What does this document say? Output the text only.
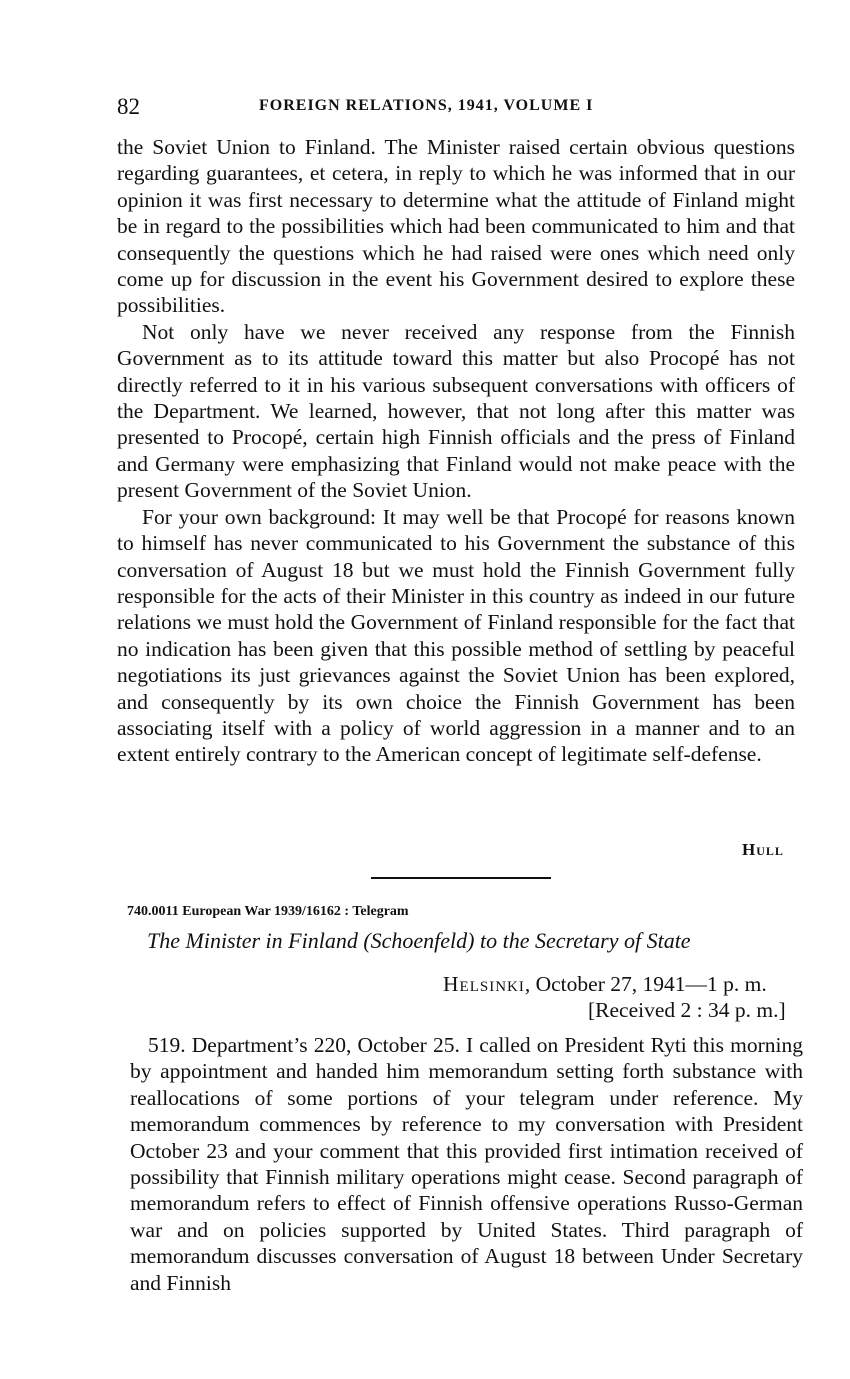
82	FOREIGN RELATIONS, 1941, VOLUME I

the Soviet Union to Finland. The Minister raised certain obvious questions regarding guarantees, et cetera, in reply to which he was informed that in our opinion it was first necessary to determine what the attitude of Finland might be in regard to the possibilities which had been communicated to him and that consequently the questions which he had raised were ones which need only come up for discussion in the event his Government desired to explore these possibilities.

Not only have we never received any response from the Finnish Government as to its attitude toward this matter but also Procopé has not directly referred to it in his various subsequent conversations with officers of the Department. We learned, however, that not long after this matter was presented to Procopé, certain high Finnish officials and the press of Finland and Germany were emphasizing that Finland would not make peace with the present Government of the Soviet Union.

For your own background: It may well be that Procopé for reasons known to himself has never communicated to his Government the substance of this conversation of August 18 but we must hold the Finnish Government fully responsible for the acts of their Minister in this country as indeed in our future relations we must hold the Government of Finland responsible for the fact that no indication has been given that this possible method of settling by peaceful negotiations its just grievances against the Soviet Union has been explored, and consequently by its own choice the Finnish Government has been associating itself with a policy of world aggression in a manner and to an extent entirely contrary to the American concept of legitimate self-defense.

Hull
740.0011 European War 1939/16162 : Telegram
The Minister in Finland (Schoenfeld) to the Secretary of State
Helsinki, October 27, 1941—1 p. m.
[Received 2 : 34 p. m.]

519. Department’s 220, October 25. I called on President Ryti this morning by appointment and handed him memorandum setting forth substance with reallocations of some portions of your telegram under reference. My memorandum commences by reference to my conversation with President October 23 and your comment that this provided first intimation received of possibility that Finnish military operations might cease. Second paragraph of memorandum refers to effect of Finnish offensive operations Russo-German war and on policies supported by United States. Third paragraph of memorandum discusses conversation of August 18 between Under Secretary and Finnish
